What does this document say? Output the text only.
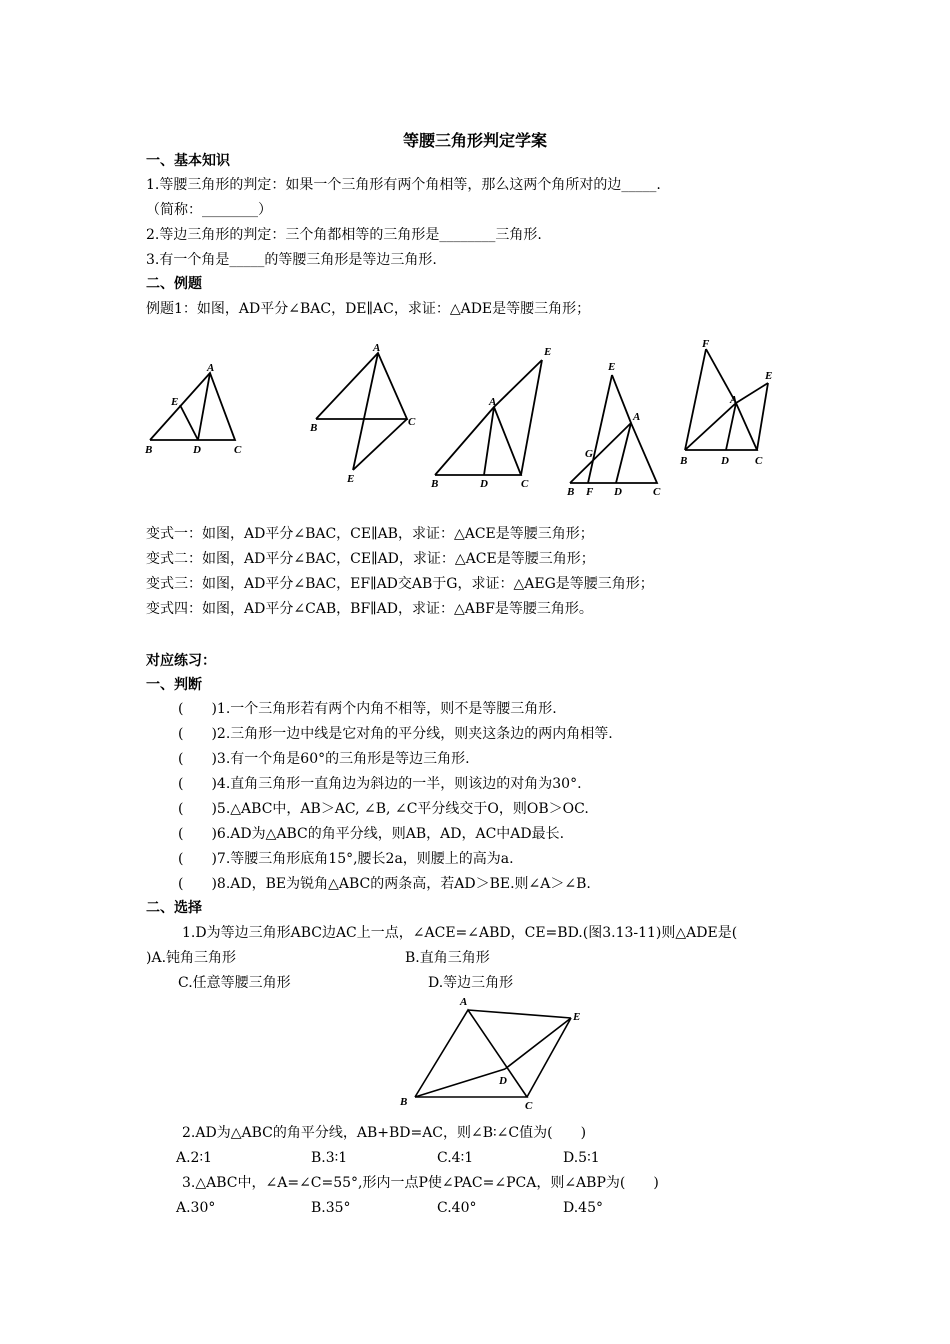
等腰三角形判定学案
一、基本知识
1.等腰三角形的判定：如果一个三角形有两个角相等，那么这两个角所对的边_____.
（简称：________）
2.等边三角形的判定：三个角都相等的三角形是________三角形.
3.有一个角是_____的等腰三角形是等边三角形.
二、例题
例题1：如图，AD平分∠BAC，DE∥AC，求证：△ADE是等腰三角形；
A
E
B	D	C
A
B	C
E
E
A
B	D	C
E
A
G
B F D	C
F
E
A
B	D C
变式一：如图，AD平分∠BAC，CE∥AB，求证：△ACE是等腰三角形；
变式二：如图，AD平分∠BAC，CE∥AD，求证：△ACE是等腰三角形；
变式三：如图，AD平分∠BAC，EF∥AD交AB于G，求证：△AEG是等腰三角形；
变式四：如图，AD平分∠CAB，BF∥AD，求证：△ABF是等腰三角形。
对应练习：
一、判断
(　　)1.一个三角形若有两个内角不相等，则不是等腰三角形.
(　　)2.三角形一边中线是它对角的平分线，则夹这条边的两内角相等.
(　　)3.有一个角是60°的三角形是等边三角形.
(　　)4.直角三角形一直角边为斜边的一半，则该边的对角为30°.
(　　)5.△ABC中，AB＞AC, ∠B, ∠C平分线交于O，则OB＞OC.
(　　)6.AD为△ABC的角平分线，则AB，AD，AC中AD最长.
(　　)7.等腰三角形底角15°,腰长2a，则腰上的高为a.
(　　)8.AD，BE为锐角△ABC的两条高，若AD＞BE.则∠A＞∠B.
二、选择
1.D为等边三角形ABC边AC上一点，∠ACE=∠ABD，CE=BD.(图3.13-11)则△ADE是(
)A.钝角三角形	B.直角三角形
C.任意等腰三角形	D.等边三角形
A
E
D
B	C
2.AD为△ABC的角平分线，AB+BD=AC，则∠B∶∠C值为(　　)
A.2∶1	B.3∶1	C.4∶1	D.5∶1
3.△ABC中，∠A=∠C=55°,形内一点P使∠PAC=∠PCA，则∠ABP为(　　)
A.30°	B.35°	C.40°	D.45°
